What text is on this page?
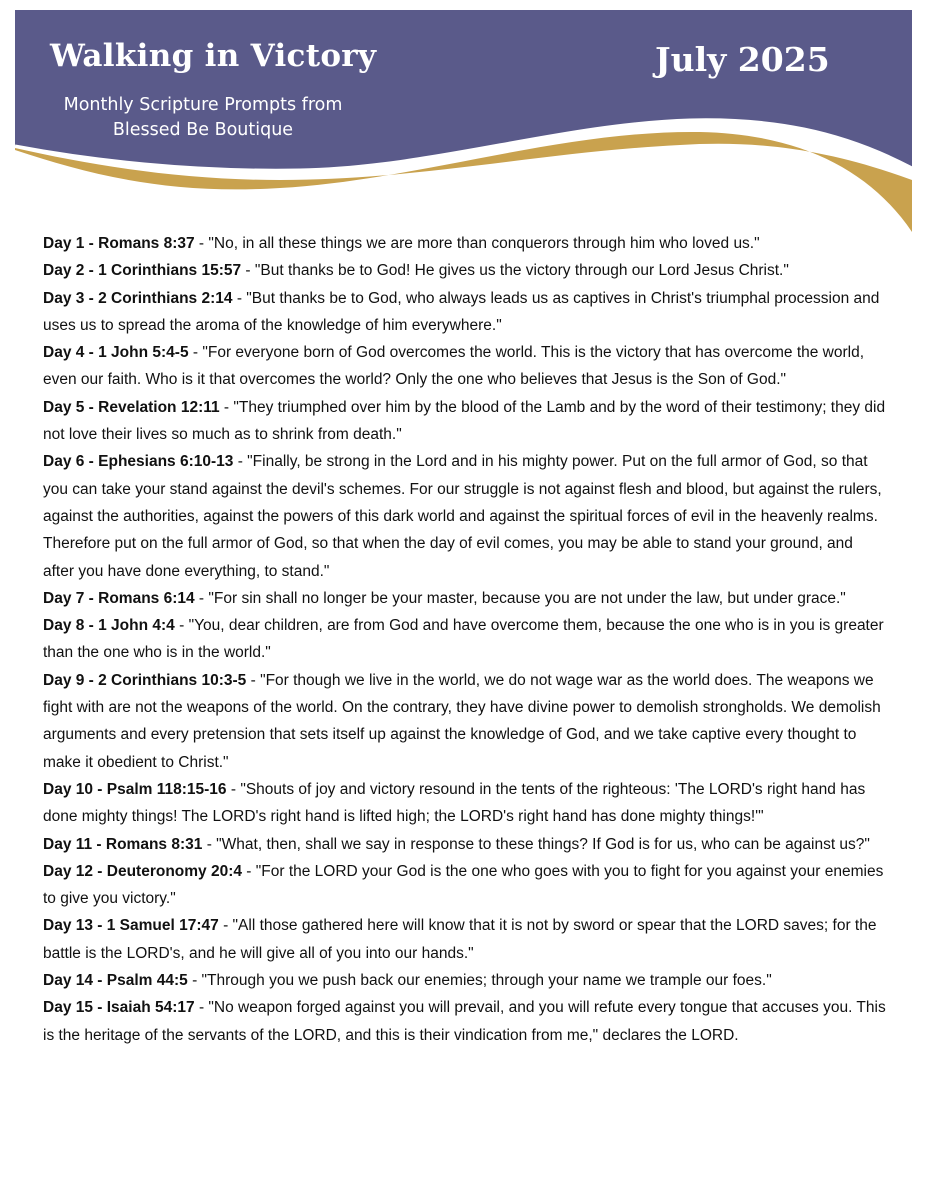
Walking in Victory
Monthly Scripture Prompts from
Blessed Be Boutique
July 2025

Day 1 - Romans 8:37 - "No, in all these things we are more than conquerors through him who loved us."

Day 2 - 1 Corinthians 15:57 - "But thanks be to God! He gives us the victory through our Lord Jesus Christ."

Day 3 - 2 Corinthians 2:14 - "But thanks be to God, who always leads us as captives in Christ's triumphal procession and uses us to spread the aroma of the knowledge of him everywhere."

Day 4 - 1 John 5:4-5 - "For everyone born of God overcomes the world. This is the victory that has overcome the world, even our faith. Who is it that overcomes the world? Only the one who believes that Jesus is the Son of God."

Day 5 - Revelation 12:11 - "They triumphed over him by the blood of the Lamb and by the word of their testimony; they did not love their lives so much as to shrink from death."

Day 6 - Ephesians 6:10-13 - "Finally, be strong in the Lord and in his mighty power. Put on the full armor of God, so that you can take your stand against the devil's schemes. For our struggle is not against flesh and blood, but against the rulers, against the authorities, against the powers of this dark world and against the spiritual forces of evil in the heavenly realms. Therefore put on the full armor of God, so that when the day of evil comes, you may be able to stand your ground, and after you have done everything, to stand."

Day 7 - Romans 6:14 - "For sin shall no longer be your master, because you are not under the law, but under grace."

Day 8 - 1 John 4:4 - "You, dear children, are from God and have overcome them, because the one who is in you is greater than the one who is in the world."

Day 9 - 2 Corinthians 10:3-5 - "For though we live in the world, we do not wage war as the world does. The weapons we fight with are not the weapons of the world. On the contrary, they have divine power to demolish strongholds. We demolish arguments and every pretension that sets itself up against the knowledge of God, and we take captive every thought to make it obedient to Christ."

Day 10 - Psalm 118:15-16 - "Shouts of joy and victory resound in the tents of the righteous: 'The LORD's right hand has done mighty things! The LORD's right hand is lifted high; the LORD's right hand has done mighty things!'"

Day 11 - Romans 8:31 - "What, then, shall we say in response to these things? If God is for us, who can be against us?"

Day 12 - Deuteronomy 20:4 - "For the LORD your God is the one who goes with you to fight for you against your enemies to give you victory."

Day 13 - 1 Samuel 17:47 - "All those gathered here will know that it is not by sword or spear that the LORD saves; for the battle is the LORD's, and he will give all of you into our hands."

Day 14 - Psalm 44:5 - "Through you we push back our enemies; through your name we trample our foes."

Day 15 - Isaiah 54:17 - "No weapon forged against you will prevail, and you will refute every tongue that accuses you. This is the heritage of the servants of the LORD, and this is their vindication from me," declares the LORD.
